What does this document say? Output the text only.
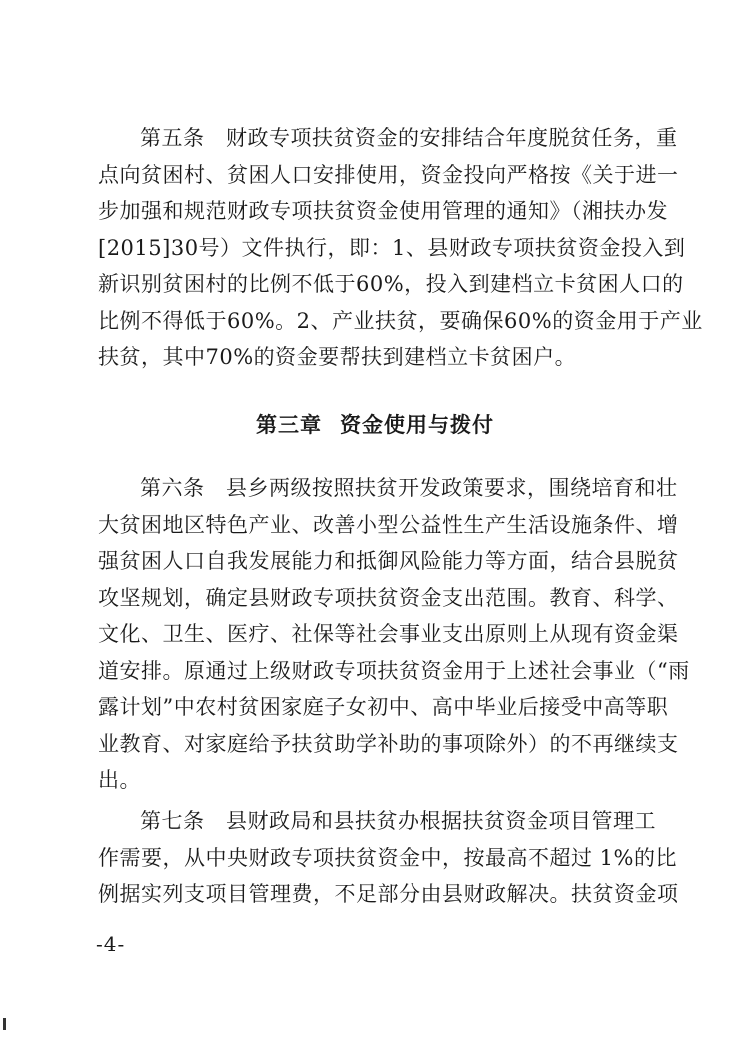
第五条　财政专项扶贫资金的安排结合年度脱贫任务，重
点向贫困村、贫困人口安排使用，资金投向严格按《关于进一
步加强和规范财政专项扶贫资金使用管理的通知》（湘扶办发
[2015]30号）文件执行，即：1、县财政专项扶贫资金投入到
新识别贫困村的比例不低于60%，投入到建档立卡贫困人口的
比例不得低于60%。2、产业扶贫，要确保60%的资金用于产业
扶贫，其中70%的资金要帮扶到建档立卡贫困户。
第三章 资金使用与拨付
第六条　县乡两级按照扶贫开发政策要求，围绕培育和壮
大贫困地区特色产业、改善小型公益性生产生活设施条件、增
强贫困人口自我发展能力和抵御风险能力等方面，结合县脱贫
攻坚规划，确定县财政专项扶贫资金支出范围。教育、科学、
文化、卫生、医疗、社保等社会事业支出原则上从现有资金渠
道安排。原通过上级财政专项扶贫资金用于上述社会事业（“雨
露计划”中农村贫困家庭子女初中、高中毕业后接受中高等职
业教育、对家庭给予扶贫助学补助的事项除外）的不再继续支
出。
第七条　县财政局和县扶贫办根据扶贫资金项目管理工
作需要，从中央财政专项扶贫资金中，按最高不超过 1%的比
例据实列支项目管理费，不足部分由县财政解决。扶贫资金项
-4-
